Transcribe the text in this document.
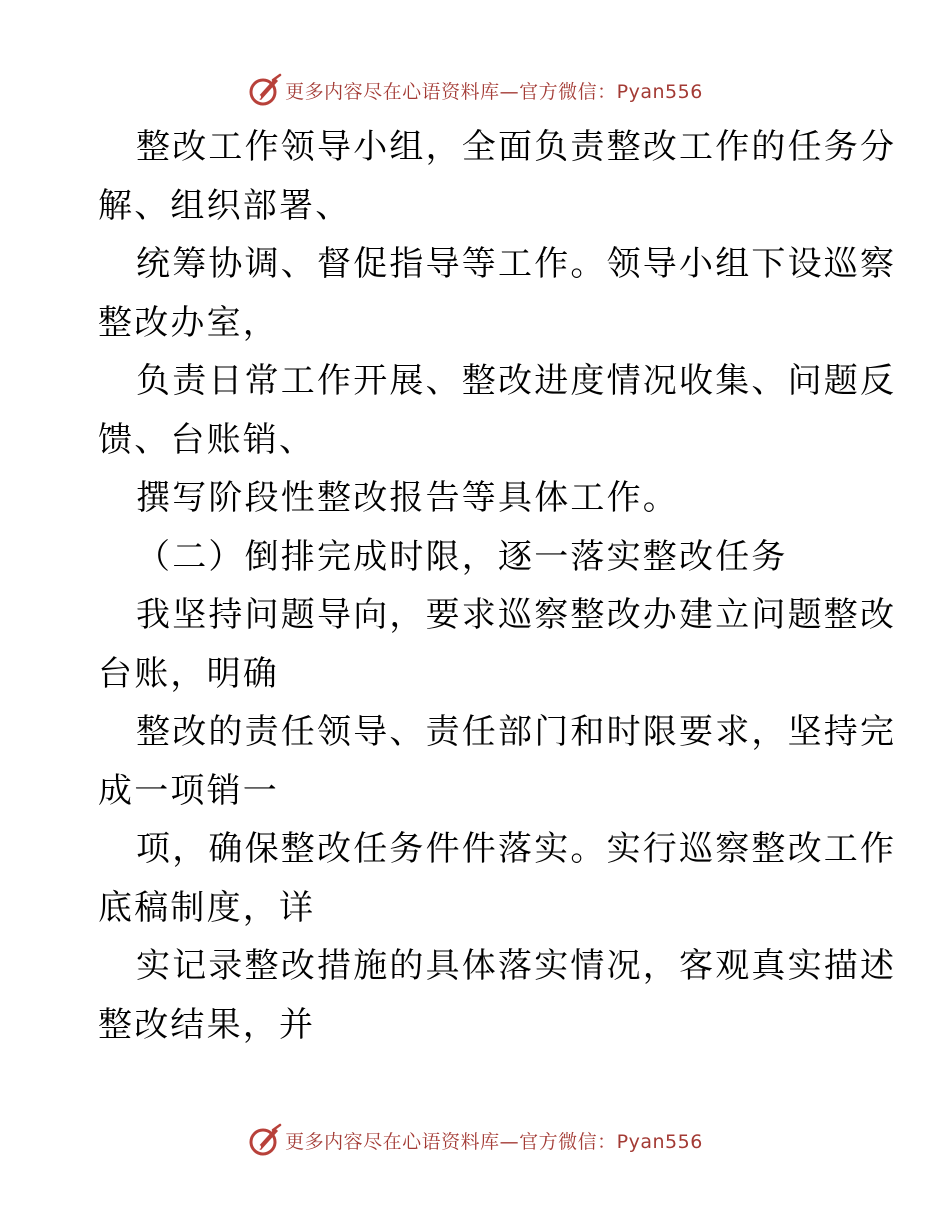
更多内容尽在心语资料库—官方微信：Pyan556
整改工作领导小组，全面负责整改工作的任务分
解、组织部署、
统筹协调、督促指导等工作。领导小组下设巡察
整改办室，
负责日常工作开展、整改进度情况收集、问题反
馈、台账销、
撰写阶段性整改报告等具体工作。
（二）倒排完成时限，逐一落实整改任务
我坚持问题导向，要求巡察整改办建立问题整改
台账，明确
整改的责任领导、责任部门和时限要求，坚持完
成一项销一
项，确保整改任务件件落实。实行巡察整改工作
底稿制度，详
实记录整改措施的具体落实情况，客观真实描述
整改结果，并
更多内容尽在心语资料库—官方微信：Pyan556
